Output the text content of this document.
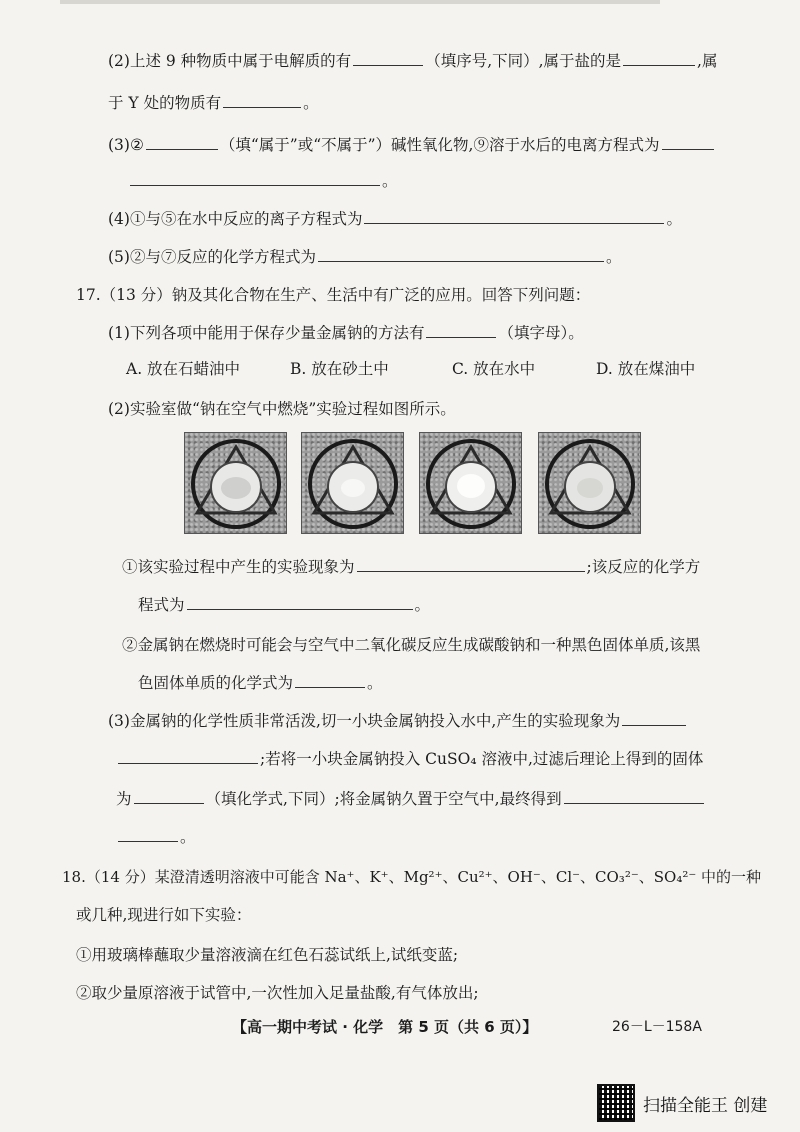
(2)上述 9 种物质中属于电解质的有	（填序号,下同）,属于盐的是	,属
于 Y 处的物质有	。
(3)②	（填“属于”或“不属于”）碱性氧化物,⑨溶于水后的电离方程式为
。
(4)①与⑤在水中反应的离子方程式为	。
(5)②与⑦反应的化学方程式为	。
17.（13 分）钠及其化合物在生产、生活中有广泛的应用。回答下列问题：
(1)下列各项中能用于保存少量金属钠的方法有	（填字母）。
A. 放在石蜡油中	B. 放在砂土中	C. 放在水中	D. 放在煤油中
(2)实验室做“钠在空气中燃烧”实验过程如图所示。
①该实验过程中产生的实验现象为	;该反应的化学方
程式为	。
②金属钠在燃烧时可能会与空气中二氧化碳反应生成碳酸钠和一种黑色固体单质,该黑
色固体单质的化学式为	。
(3)金属钠的化学性质非常活泼,切一小块金属钠投入水中,产生的实验现象为
;若将一小块金属钠投入 CuSO₄ 溶液中,过滤后理论上得到的固体
为	（填化学式,下同）;将金属钠久置于空气中,最终得到
。
18.（14 分）某澄清透明溶液中可能含 Na⁺、K⁺、Mg²⁺、Cu²⁺、OH⁻、Cl⁻、CO₃²⁻、SO₄²⁻ 中的一种
或几种,现进行如下实验：
①用玻璃棒蘸取少量溶液滴在红色石蕊试纸上,试纸变蓝;
②取少量原溶液于试管中,一次性加入足量盐酸,有气体放出;
【高一期中考试 · 化学　第 5 页（共 6 页）】	26－L－158A
扫描全能王 创建
